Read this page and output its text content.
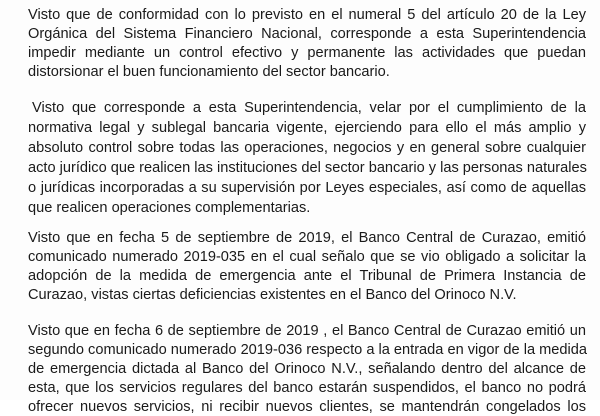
Visto que de conformidad con lo previsto en el numeral 5 del artículo 20 de la Ley
Orgánica del Sistema Financiero Nacional, corresponde a esta Superintendencia
impedir mediante un control efectivo y permanente las actividades que puedan
distorsionar el buen funcionamiento del sector bancario.
Visto que corresponde a esta Superintendencia, velar por el cumplimiento de la
normativa legal y sublegal bancaria vigente, ejerciendo para ello el más amplio y
absoluto control sobre todas las operaciones, negocios y en general sobre cualquier
acto jurídico que realicen las instituciones del sector bancario y las personas naturales
o jurídicas incorporadas a su supervisión por Leyes especiales, así como de aquellas
que realicen operaciones complementarias.
Visto que en fecha 5 de septiembre de 2019, el Banco Central de Curazao, emitió
comunicado numerado 2019-035 en el cual señalo que se vio obligado a solicitar la
adopción de la medida de emergencia ante el Tribunal de Primera Instancia de
Curazao, vistas ciertas deficiencias existentes en el Banco del Orinoco N.V.
Visto que en fecha 6 de septiembre de 2019 , el Banco Central de Curazao emitió un
segundo comunicado numerado 2019-036 respecto a la entrada en vigor de la medida
de emergencia dictada al Banco del Orinoco N.V., señalando dentro del alcance de
esta, que los servicios regulares del banco estarán suspendidos, el banco no podrá
ofrecer nuevos servicios, ni recibir nuevos clientes, se mantendrán congelados los
